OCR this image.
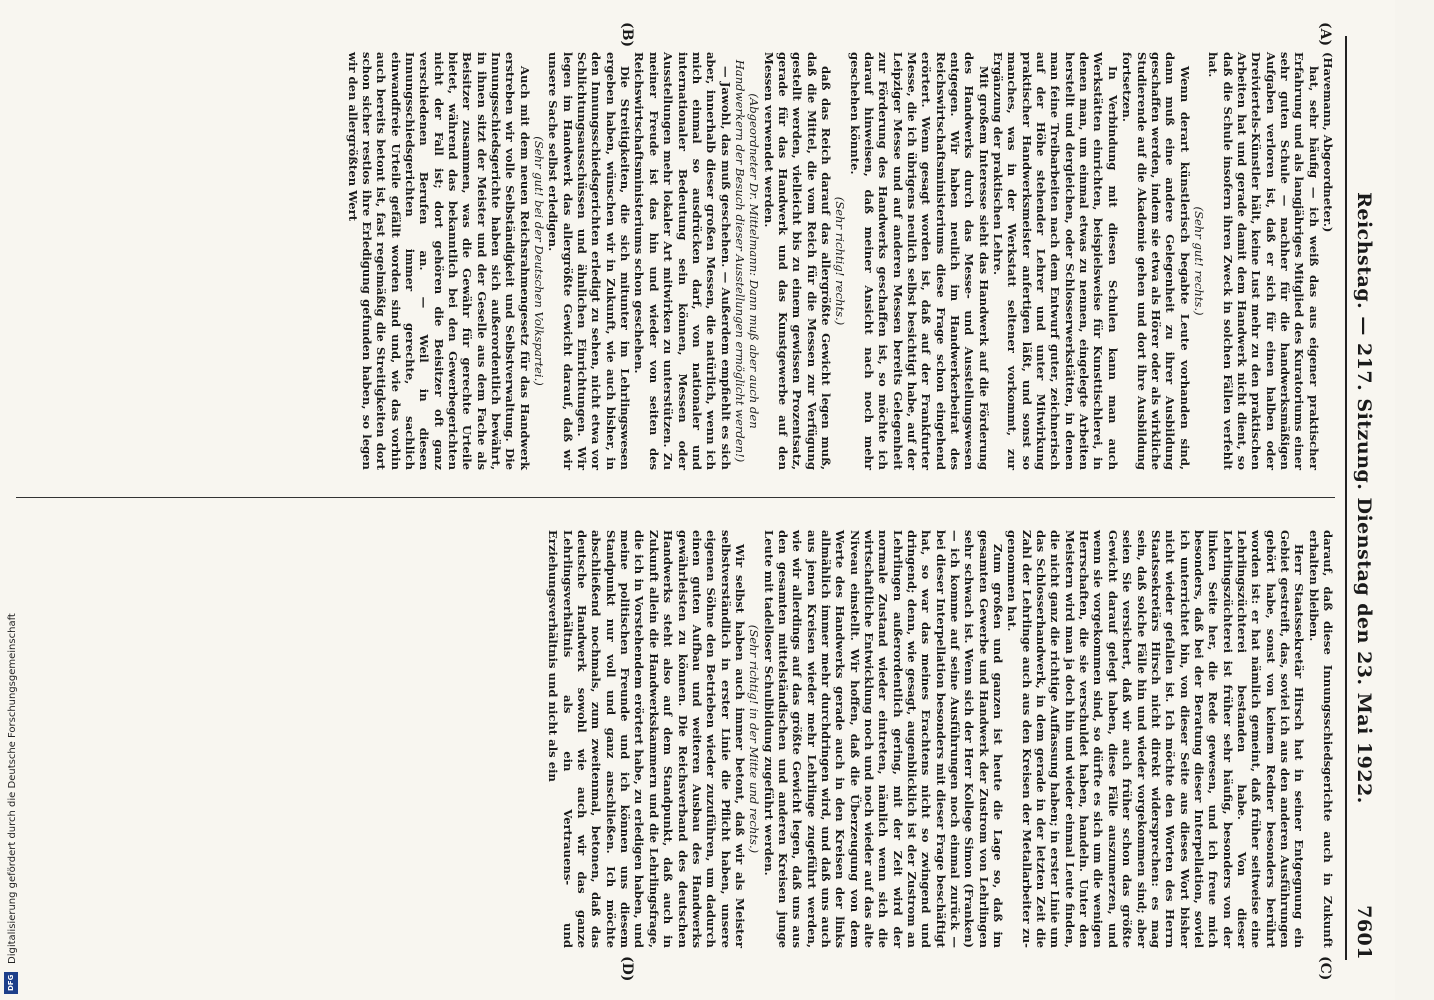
Reichstag. — 217. Sitzung. Dienstag den 23. Mai 1922.
7601
(A)
(B)
(C)
(D)

(Havemann, Abgeordneter.)

hat, sehr häufig — ich weiß das aus eigener praktischer Erfahrung und als langjähriges Mitglied des Kuratoriums einer sehr guten Schule — nachher für die handwerksmäßigen Aufgaben verloren ist, daß er sich für einen halben oder Dreiviertels-Künstler hält, keine Lust mehr zu den praktischen Arbeiten hat und gerade damit dem Handwerk nicht dient, so daß die Schule insofern ihren Zweck in solchen Fällen verfehlt hat.

(Sehr gut! rechts.)

Wenn derart künstlerisch begabte Leute vorhanden sind, dann muß eine andere Gelegenheit zu ihrer Ausbildung geschaffen werden, indem sie etwa als Hörer oder als wirkliche Studierende auf die Akademie gehen und dort ihre Ausbildung fortsetzen.

In Verbindung mit diesen Schulen kann man auch Werkstätten einrichten, beispielsweise für Kunsttischlerei, in denen man, um einmal etwas zu nennen, eingelegte Arbeiten herstellt und dergleichen, oder Schlosserwerkstätten, in denen man feine Treibarbeiten nach dem Entwurf guter, zeichnerisch auf der Höhe stehender Lehrer und unter Mitwirkung praktischer Handwerksmeister anfertigen läßt, und sonst so manches, was in der Werkstatt seltener vorkommt, zur Ergänzung der praktischen Lehre.

Mit großem Interesse sieht das Handwerk auf die Förderung des Handwerks durch das Messe- und Ausstellungswesen entgegen. Wir haben neulich im Handwerkerbeirat des Reichswirtschaftsministeriums diese Frage schon eingehend erörtert. Wenn gesagt worden ist, daß auf der Frankfurter Messe, die ich übrigens neulich selbst besichtigt habe, auf der Leipziger Messe und auf anderen Messen bereits Gelegenheit zur Förderung des Handwerks geschaffen ist, so möchte ich darauf hinweisen, daß meiner Ansicht nach noch mehr geschehen könnte.

(Sehr richtig! rechts.)

daß das Reich darauf das allergrößte Gewicht legen muß, daß die Mittel, die vom Reich für die Messen zur Verfügung gestellt werden, vielleicht bis zu einem gewissen Prozentsatz, gerade für das Handwerk und das Kunstgewerbe auf den Messen verwendet werden.

(Abgeordneter Dr. Mittelmann: Dann muß aber auch den Handwerkern der Besuch dieser Ausstellungen ermöglicht werden!)

— Jawohl, das muß geschehen. — Außerdem empfiehlt es sich aber, innerhalb dieser großen Messen, die natürlich, wenn ich mich einmal so ausdrücken darf, von nationaler und internationaler Bedeutung sein können, Messen oder Ausstellungen mehr lokaler Art mitwirken zu unterstützen. Zu meiner Freude ist das hin und wieder von seiten des Reichswirtschaftsministeriums schon geschehen.

Die Streitigkeiten, die sich mitunter im Lehrlingswesen ergeben haben, wünschen wir in Zukunft, wie auch bisher, in den Innungsschiedsgerichten erledigt zu sehen, nicht etwa vor Schlichtungsausschüssen und ähnlichen Einrichtungen. Wir legen im Handwerk das allergrößte Gewicht darauf, daß wir unsere Sache selbst erledigen.

(Sehr gut! bei der Deutschen Volkspartei.)

Auch mit dem neuen Reichsrahmengesetz für das Handwerk erstreben wir volle Selbständigkeit und Selbstverwaltung. Die Innungsschiedsgerichte haben sich außerordentlich bewährt, in ihnen sitzt der Meister und der Geselle aus dem Fache als Beisitzer zusammen, was die Gewähr für gerechte Urteile bietet, während das bekanntlich bei den Gewerbegerichten nicht der Fall ist; dort gehören die Beisitzer oft ganz verschiedenen Berufen an. — Weil in diesen Innungsschiedsgerichten immer gerechte, sachlich einwandfreie Urteile gefällt worden sind und, wie das vorhin auch bereits betont ist, fast regelmäßig die Streitigkeiten dort schon sicher restlos ihre Erledigung gefunden haben, so legen wir den allergrößten Wert

darauf, daß diese Innungsschiedsgerichte auch in Zukunft erhalten bleiben.

Herr Staatssekretär Hirsch hat in seiner Entgegnung ein Gebiet gestreift, das, soviel ich aus den anderen Ausführungen gehört habe, sonst von keinem Redner besonders berührt worden ist: er hat nämlich gemeint, daß früher seitweise eine Lehrlingszüchterei bestanden habe. Von dieser Lehrlingszüchterei ist früher sehr häufig, besonders von der linken Seite her, die Rede gewesen, und ich freue mich besonders, daß bei der Beratung dieser Interpellation, soviel ich unterrichtet bin, von dieser Seite aus dieses Wort bisher nicht wieder gefallen ist. Ich möchte den Worten des Herrn Staatssekretärs Hirsch nicht direkt widersprechen: es mag sein, daß solche Fälle hin und wieder vorgekommen sind; aber seien Sie versichert, daß wir auch früher schon das größte Gewicht darauf gelegt haben, diese Fälle auszumerzen, und wenn sie vorgekommen sind, so dürfte es sich um die wenigen Herrschaften, die sie verschuldet haben, handeln. Unter den Meistern wird man ja doch hin und wieder einmal Leute finden, die nicht ganz die richtige Auffassung haben; in erster Linie um das Schlosserhandwerk, in dem gerade in der letzten Zeit die Zahl der Lehrlinge auch aus den Kreisen der Metallarbeiter zu- genommen hat.

Zum großen und ganzen ist heute die Lage so, daß im gesamten Gewerbe und Handwerk der Zustrom von Lehrlingen sehr schwach ist. Wenn sich der Herr Kollege Simon (Franken) — ich komme auf seine Ausführungen noch einmal zurück — bei dieser Interpellation besonders mit dieser Frage beschäftigt hat, so war das meines Erachtens nicht so zwingend und dringend; denn, wie gesagt, augenblicklich ist der Zustrom an Lehrlingen außerordentlich gering, mit der Zeit wird der normale Zustand wieder eintreten, nämlich wenn sich die wirtschaftliche Entwicklung noch und noch wieder auf das alte Niveau einstellt. Wir hoffen, daß die Überzeugung von dem Werte des Handwerks gerade auch in den Kreisen der links allmählich immer mehr durchdringen wird, und daß uns auch aus jenen Kreisen wieder mehr Lehrlinge zugeführt werden, wie wir allerdings auf das größte Gewicht legen, daß uns aus den gesamten mittelständischen und anderen Kreisen junge Leute mit tadelloser Schulbildung zugeführt werden.

(Sehr richtig! in der Mitte und rechts.)

Wir selbst haben auch immer betont, daß wir als Meister selbstverständlich in erster Linie die Pflicht haben, unsere eigenen Söhne den Betrieben wieder zuzuführen, um dadurch einen guten Aufbau und weiteren Ausbau des Handwerks gewährleisten zu können. Die Reichsverband des deutschen Handwerks steht also auf dem Standpunkt, daß auch in Zukunft allein die Handwerkskammern und die Lehrlingsfrage, die ich in Vorstehendem erörtert habe, zu erledigen haben, und meine politischen Freunde und ich können uns diesem Standpunkt nur voll und ganz anschließen. Ich möchte abschließend nochmals, zum zweitenmal, betonen, daß das deutsche Handwerk sowohl wie auch wir das ganze Lehrlingsverhältnis als ein Vertrauens- und Erziehungsverhältnis und nicht als ein

Digitalisierung gefördert durch die Deutsche Forschungsgemeinschaft
DFG
